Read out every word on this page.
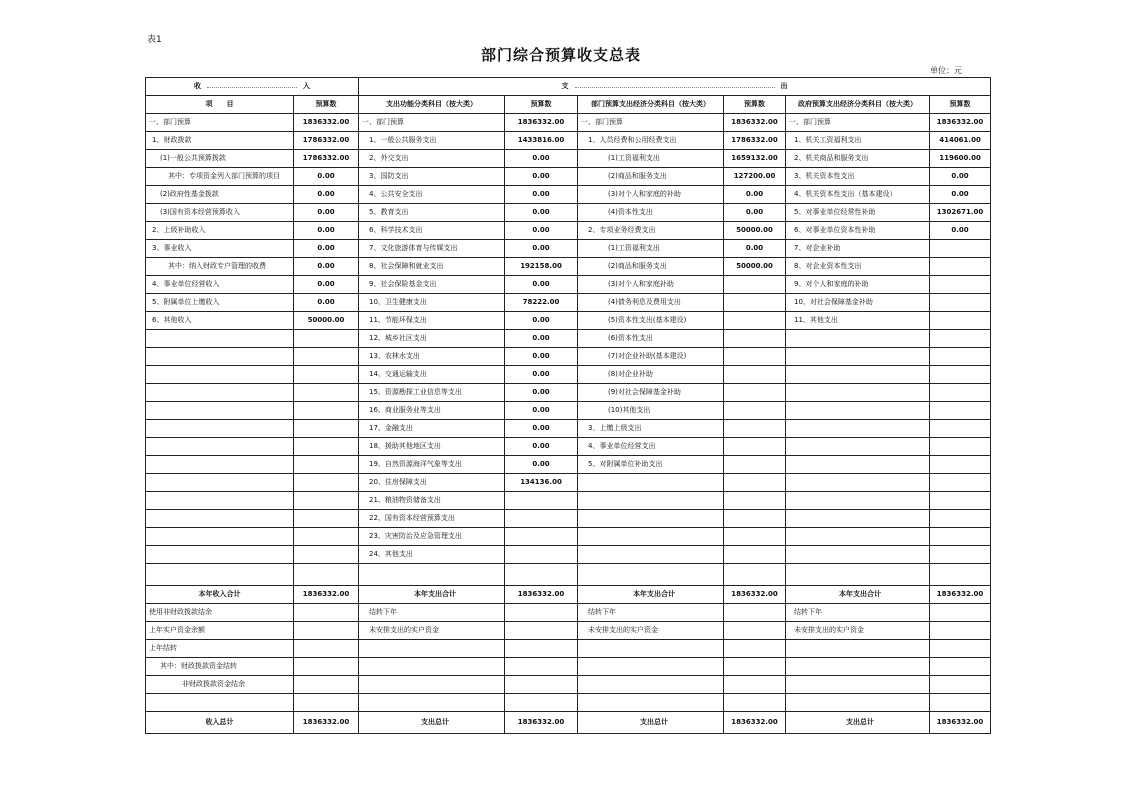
表1
部门综合预算收支总表
单位：元
收 入		支 出					
项　　目	预算数	支出功能分类科目（按大类）	预算数	部门预算支出经济分类科目（按大类）	预算数	政府预算支出经济分类科目（按大类）	预算数
一、部门预算	1836332.00	一、部门预算	1836332.00	一、部门预算	1836332.00	一、部门预算	1836332.00
1、财政拨款	1786332.00	1、一般公共服务支出	1433816.00	1、人员经费和公用经费支出	1786332.00	1、机关工资福利支出	414061.00
(1)一般公共预算拨款	1786332.00	2、外交支出	0.00	(1)工资福利支出	1659132.00	2、机关商品和服务支出	119600.00
其中：专项资金列入部门预算的项目	0.00	3、国防支出	0.00	(2)商品和服务支出	127200.00	3、机关资本性支出	0.00
(2)政府性基金拨款	0.00	4、公共安全支出	0.00	(3)对个人和家庭的补助	0.00	4、机关资本性支出（基本建设）	0.00
(3)国有资本经营预算收入	0.00	5、教育支出	0.00	(4)资本性支出	0.00	5、对事业单位经常性补助	1302671.00
2、上级补助收入	0.00	6、科学技术支出	0.00	2、专项业务经费支出	50000.00	6、对事业单位资本性补助	0.00
3、事业收入	0.00	7、文化旅游体育与传媒支出	0.00	(1)工资福利支出	0.00	7、对企业补助	
其中：纳入财政专户管理的收费	0.00	8、社会保障和就业支出	192158.00	(2)商品和服务支出	50000.00	8、对企业资本性支出	
4、事业单位经营收入	0.00	9、社会保险基金支出	0.00	(3)对个人和家庭补助		9、对个人和家庭的补助	
5、附属单位上缴收入	0.00	10、卫生健康支出	78222.00	(4)债务利息及费用支出		10、对社会保障基金补助	
6、其他收入	50000.00	11、节能环保支出	0.00	(5)资本性支出(基本建设)		11、其他支出	
		12、城乡社区支出	0.00	(6)资本性支出			
		13、农林水支出	0.00	(7)对企业补助(基本建设)			
		14、交通运输支出	0.00	(8)对企业补助			
		15、资源勘探工业信息等支出	0.00	(9)对社会保障基金补助			
		16、商业服务业等支出	0.00	(10)其他支出			
		17、金融支出	0.00	3、上缴上级支出			
		18、援助其他地区支出	0.00	4、事业单位经营支出			
		19、自然资源海洋气象等支出	0.00	5、对附属单位补助支出			
		20、住房保障支出	134136.00				
		21、粮油物资储备支出					
		22、国有资本经营预算支出					
		23、灾害防治及应急管理支出					
		24、其他支出					

本年收入合计	1836332.00	本年支出合计	1836332.00	本年支出合计	1836332.00	本年支出合计	1836332.00
使用非财政拨款结余		结转下年		结转下年		结转下年	
上年实户资金余额		未安排支出的实户资金		未安排支出的实户资金		未安排支出的实户资金	
上年结转							
其中：财政拨款资金结转							
非财政拨款资金结余							

收入总计	1836332.00	支出总计	1836332.00	支出总计	1836332.00	支出总计	1836332.00
